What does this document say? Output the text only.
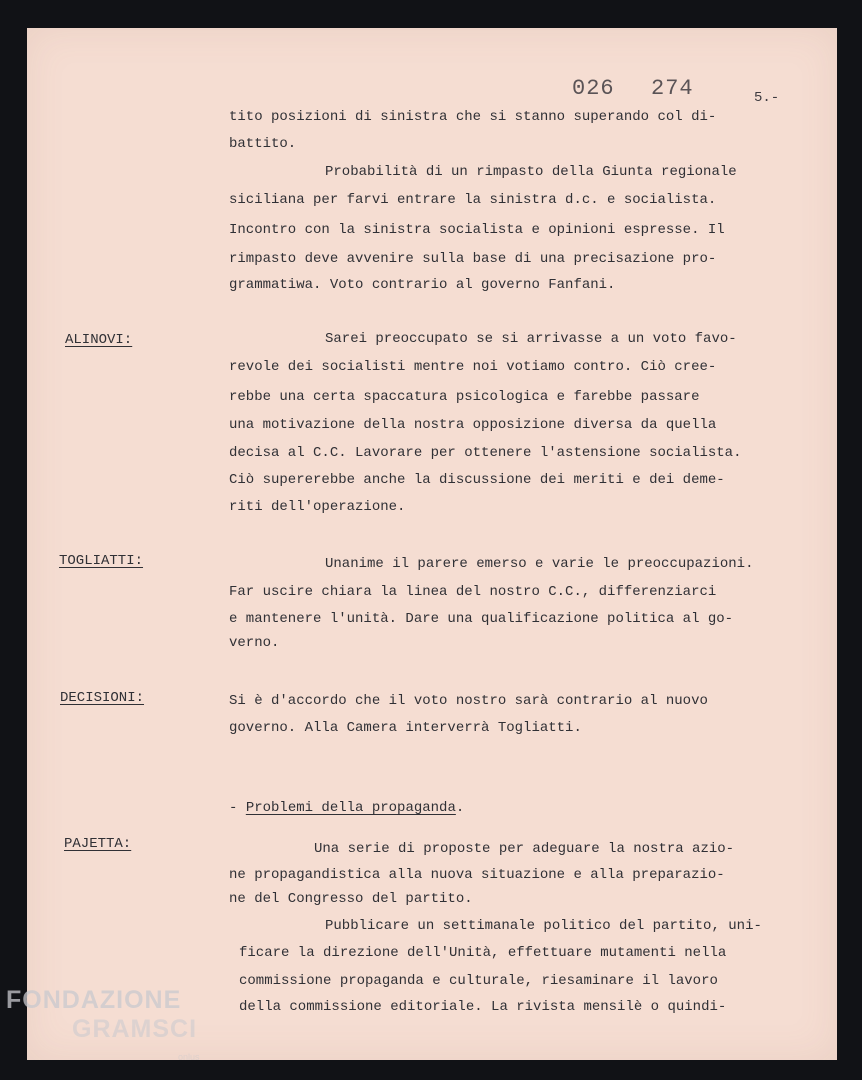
026 274	5.-
tito posizioni di sinistra che si stanno superando col di-
battito.
Probabilità di un rimpasto della Giunta regionale
siciliana per farvi entrare la sinistra d.c. e socialista.
Incontro con la sinistra socialista e opinioni espresse. Il
rimpasto deve avvenire sulla base di una precisazione pro-
grammatiwa. Voto contrario al governo Fanfani.
ALINOVI:	Sarei preoccupato se si arrivasse a un voto favo-
revole dei socialisti mentre noi votiamo contro. Ciò cree-
rebbe una certa spaccatura psicologica e farebbe passare
una motivazione della nostra opposizione diversa da quella
decisa al C.C. Lavorare per ottenere l'astensione socialista.
Ciò supererebbe anche la discussione dei meriti e dei deme-
riti dell'operazione.
TOGLIATTI:	Unanime il parere emerso e varie le preoccupazioni.
Far uscire chiara la linea del nostro C.C., differenziarci
e mantenere l'unità. Dare una qualificazione politica al go-
verno.
DECISIONI:	Si è d'accordo che il voto nostro sarà contrario al nuovo
governo. Alla Camera interverrà Togliatti.
- Problemi della propaganda.
PAJETTA:	Una serie di proposte per adeguare la nostra azio-
ne propagandistica alla nuova situazione e alla preparazio-
ne del Congresso del partito.
Pubblicare un settimanale politico del partito, uni-
ficare la direzione dell'Unità, effettuare mutamenti nella
commissione propaganda e culturale, riesaminare il lavoro
della commissione editoriale. La rivista mensilè o quindi-
FONDAZIONE
GRAMSCI
onlus
